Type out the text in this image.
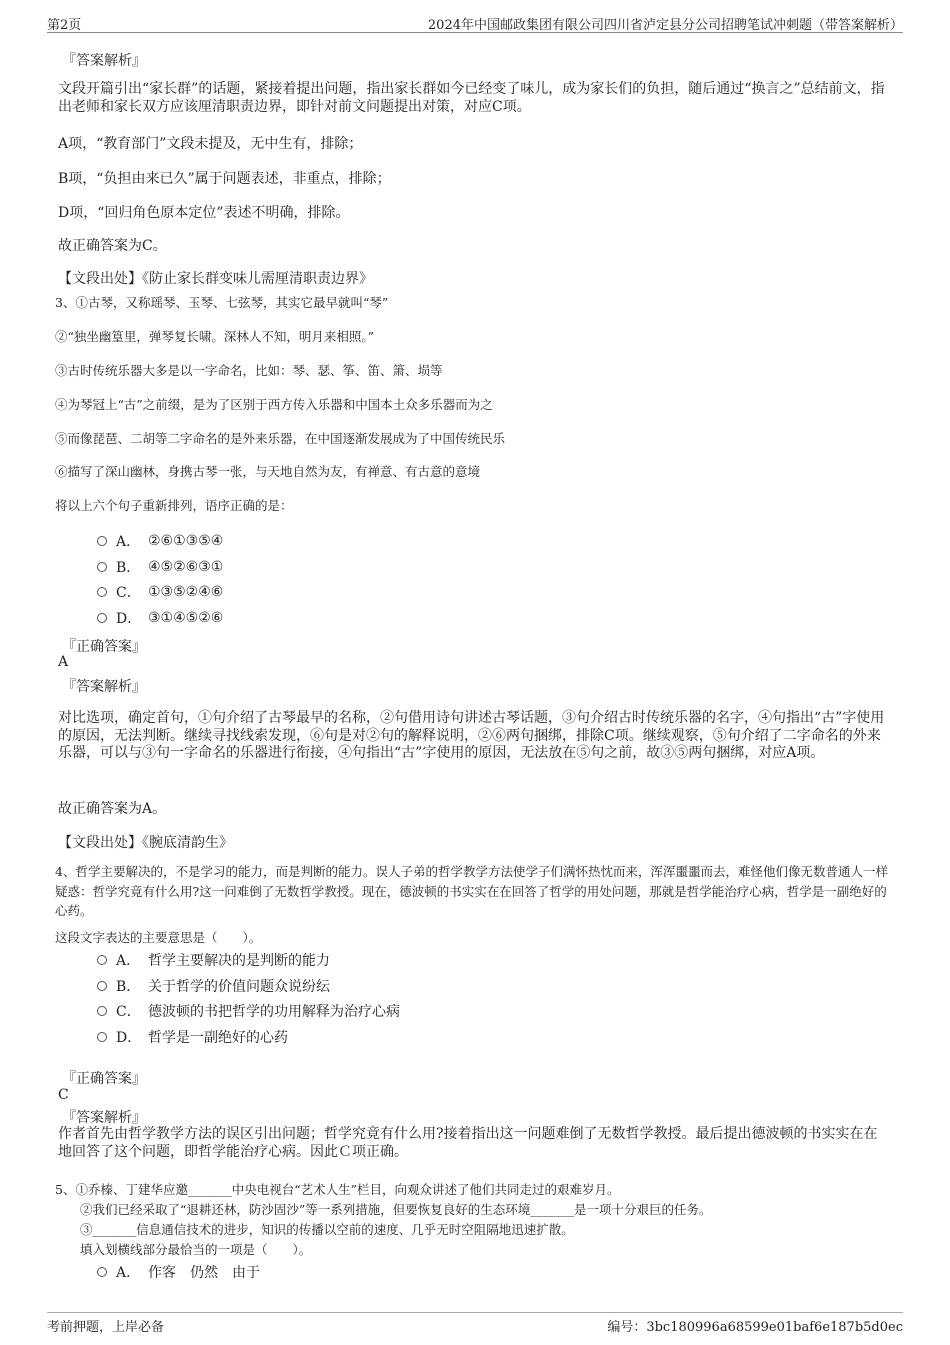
第2页	2024年中国邮政集团有限公司四川省泸定县分公司招聘笔试冲刺题（带答案解析）
『答案解析』
文段开篇引出“家长群”的话题，紧接着提出问题，指出家长群如今已经变了味儿，成为家长们的负担，随后通过“换言之”总结前文，指出老师和家长双方应该厘清职责边界，即针对前文问题提出对策，对应C项。
A项，“教育部门”文段未提及，无中生有，排除；
B项，“负担由来已久”属于问题表述，非重点，排除；
D项，“回归角色原本定位”表述不明确，排除。
故正确答案为C。
【文段出处】《防止家长群变味儿需厘清职责边界》
3、①古琴，又称瑶琴、玉琴、七弦琴，其实它最早就叫“琴”
②“独坐幽篁里，弹琴复长啸。深林人不知，明月来相照。”
③古时传统乐器大多是以一字命名，比如：琴、瑟、筝、笛、箫、埙等
④为琴冠上“古”之前缀，是为了区别于西方传入乐器和中国本土众多乐器而为之
⑤而像琵琶、二胡等二字命名的是外来乐器，在中国逐渐发展成为了中国传统民乐
⑥描写了深山幽林，身携古琴一张，与天地自然为友，有禅意、有古意的意境
将以上六个句子重新排列，语序正确的是：
A． ②⑥①③⑤④
B． ④⑤②⑥③①
C． ①③⑤②④⑥
D． ③①④⑤②⑥
『正确答案』
A
『答案解析』
对比选项，确定首句，①句介绍了古琴最早的名称，②句借用诗句讲述古琴话题，③句介绍古时传统乐器的名字，④句指出“古”字使用的原因，无法判断。继续寻找线索发现，⑥句是对②句的解释说明，②⑥两句捆绑，排除C项。继续观察，⑤句介绍了二字命名的外来乐器，可以与③句一字命名的乐器进行衔接，④句指出“古”字使用的原因，无法放在⑤句之前，故③⑤两句捆绑，对应A项。
故正确答案为A。
【文段出处】《腕底清韵生》
4、哲学主要解决的，不是学习的能力，而是判断的能力。误人子弟的哲学教学方法使学子们满怀热忱而来，浑浑噩噩而去，难怪他们像无数普通人一样疑惑：哲学究竟有什么用?这一问难倒了无数哲学教授。现在，德波顿的书实实在在回答了哲学的用处问题，那就是哲学能治疗心病，哲学是一副绝好的心药。
这段文字表达的主要意思是（　　）。
A． 哲学主要解决的是判断的能力
B． 关于哲学的价值问题众说纷纭
C． 德波顿的书把哲学的功用解释为治疗心病
D． 哲学是一副绝好的心药
『正确答案』
C
『答案解析』
作者首先由哲学教学方法的误区引出问题；哲学究竟有什么用?接着指出这一问题难倒了无数哲学教授。最后提出德波顿的书实实在在地回答了这个问题，即哲学能治疗心病。因此Ｃ项正确。
5、①乔榛、丁建华应邀_______中央电视台“艺术人生”栏目，向观众讲述了他们共同走过的艰难岁月。
②我们已经采取了“退耕还林，防沙固沙”等一系列措施，但要恢复良好的生态环境_______是一项十分艰巨的任务。
③_______信息通信技术的进步，知识的传播以空前的速度、几乎无时空阻隔地迅速扩散。
填入划横线部分最恰当的一项是（　　）。
A． 作客　仍然　由于
考前押题，上岸必备	编号：3bc180996a68599e01baf6e187b5d0ec
